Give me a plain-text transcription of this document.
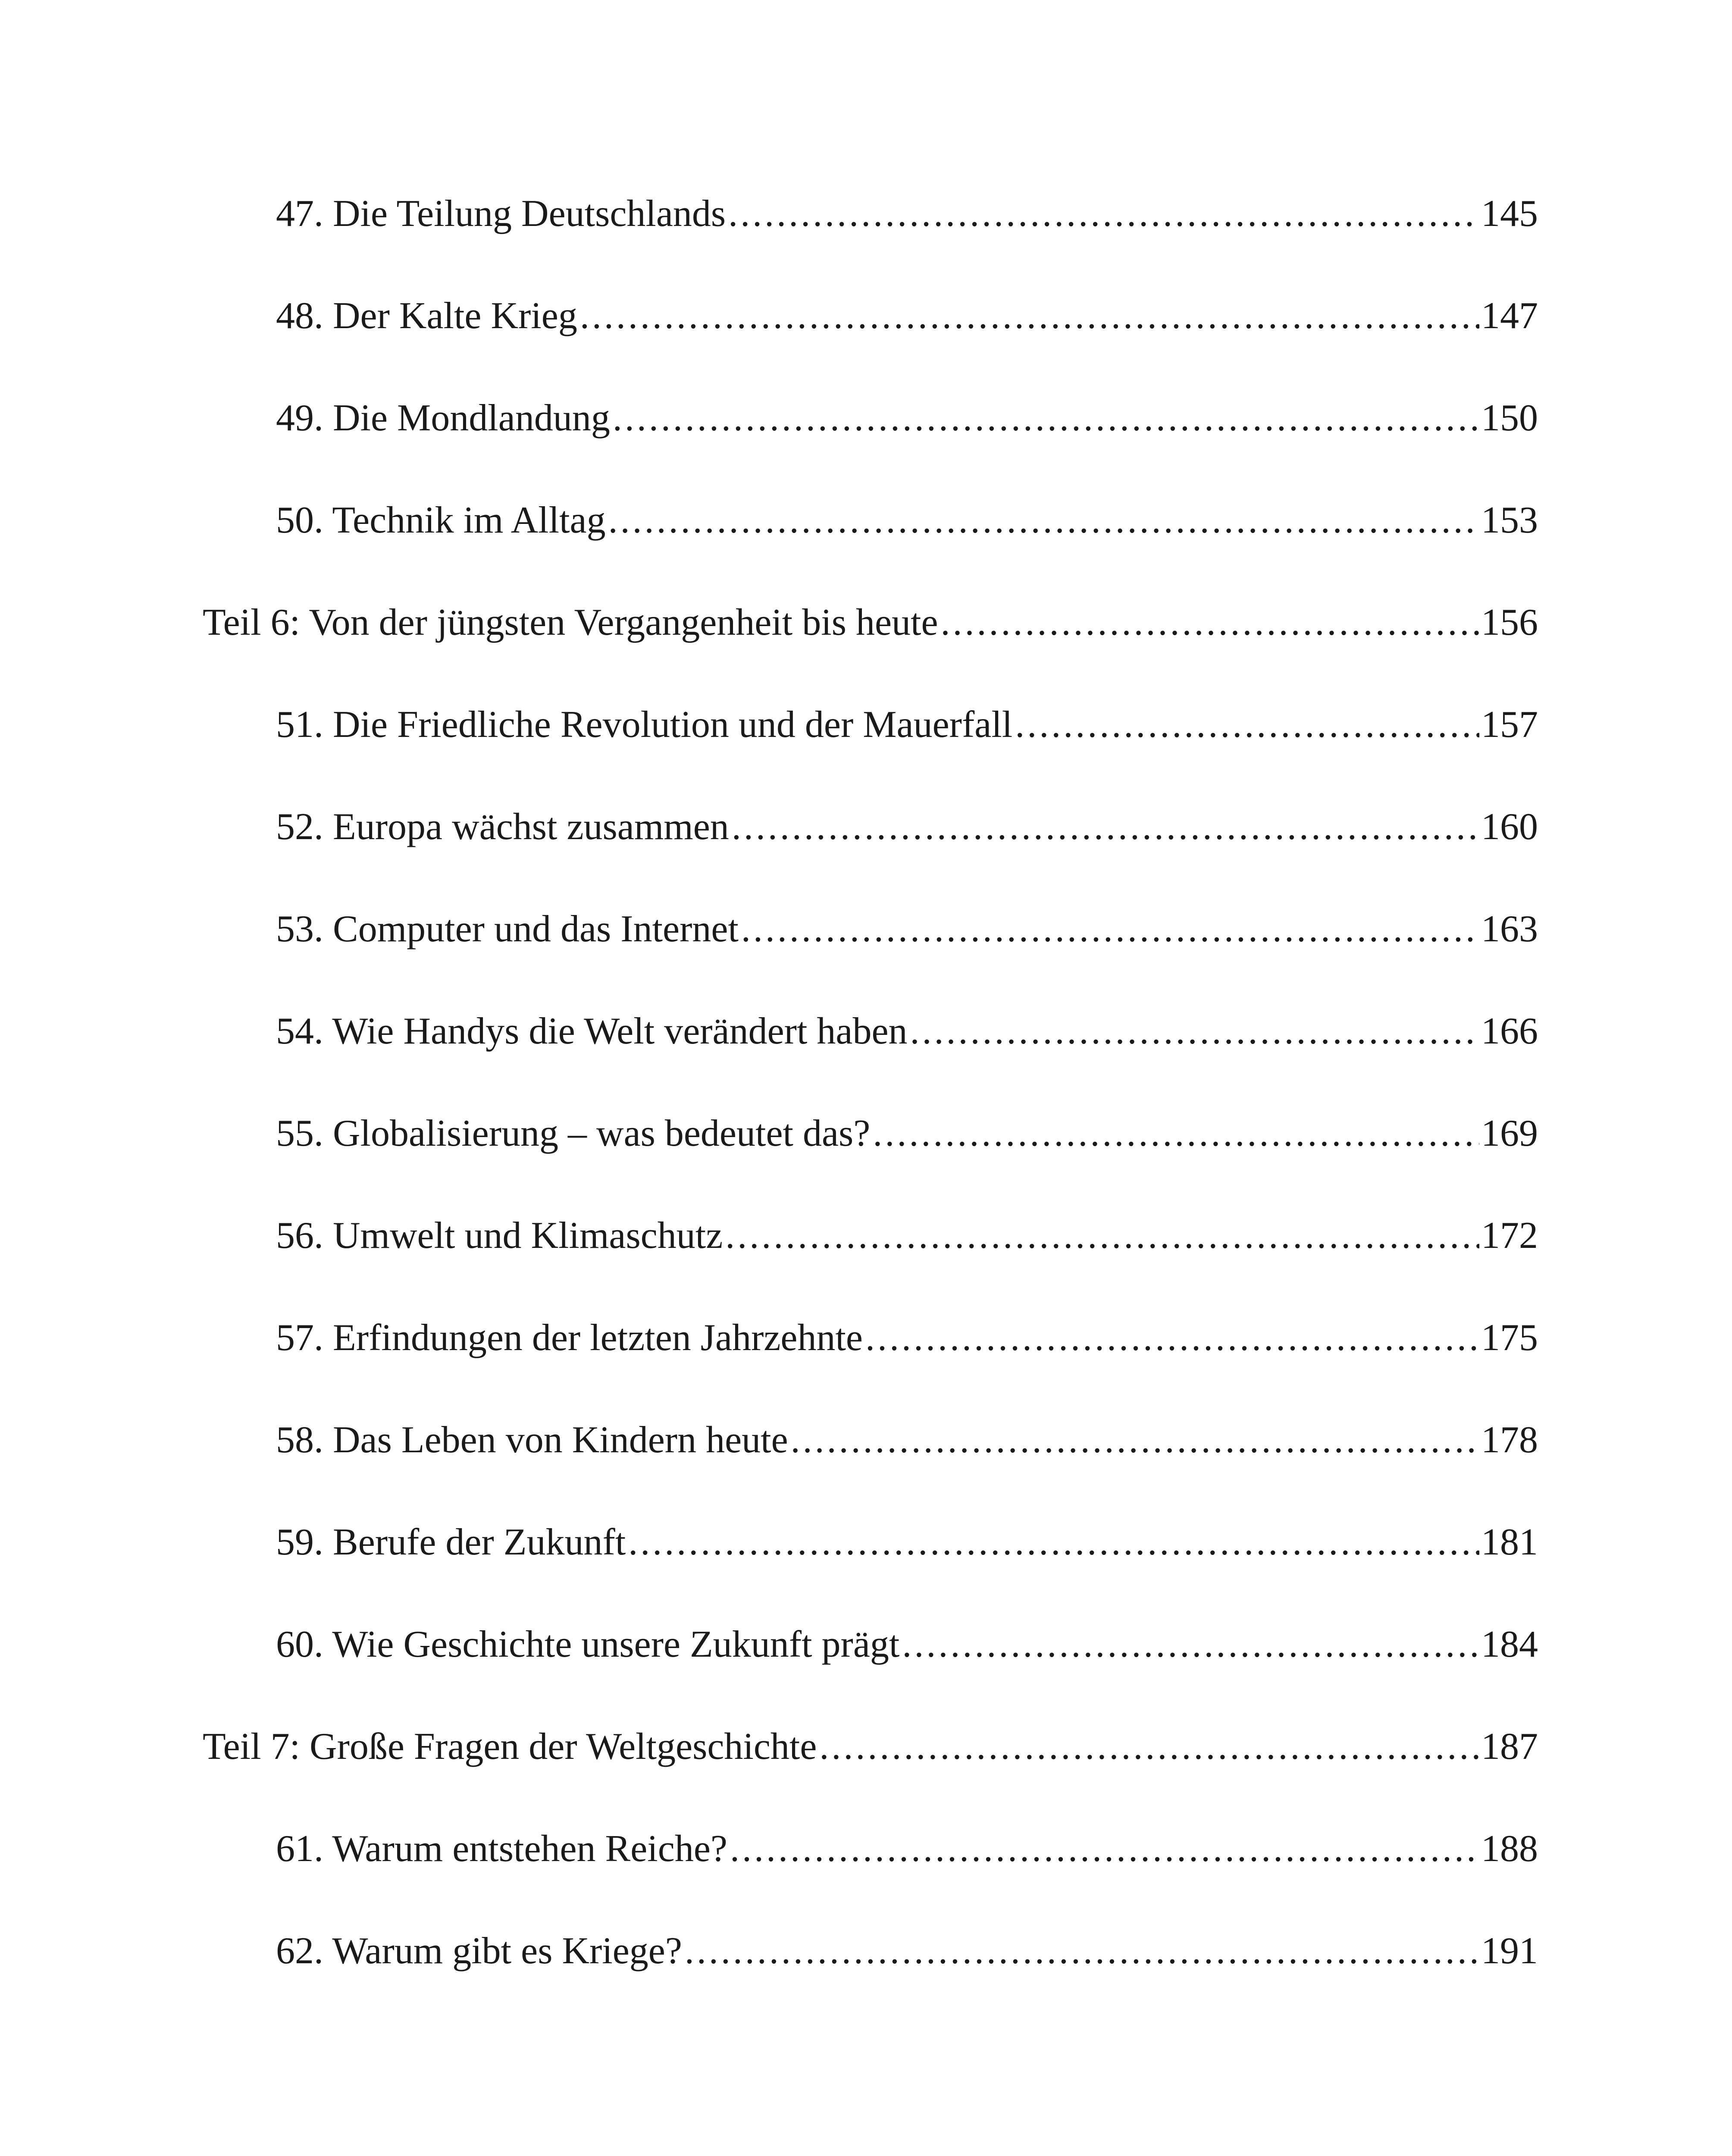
47. Die Teilung Deutschlands .....	145
48. Der Kalte Krieg .....	147
49. Die Mondlandung .....	150
50. Technik im Alltag .....	153
Teil 6: Von der jüngsten Vergangenheit bis heute .....	156
51. Die Friedliche Revolution und der Mauerfall .....	157
52. Europa wächst zusammen .....	160
53. Computer und das Internet .....	163
54. Wie Handys die Welt verändert haben .....	166
55. Globalisierung – was bedeutet das? .....	169
56. Umwelt und Klimaschutz .....	172
57. Erfindungen der letzten Jahrzehnte .....	175
58. Das Leben von Kindern heute .....	178
59. Berufe der Zukunft .....	181
60. Wie Geschichte unsere Zukunft prägt .....	184
Teil 7: Große Fragen der Weltgeschichte .....	187
61. Warum entstehen Reiche? .....	188
62. Warum gibt es Kriege? .....	191
